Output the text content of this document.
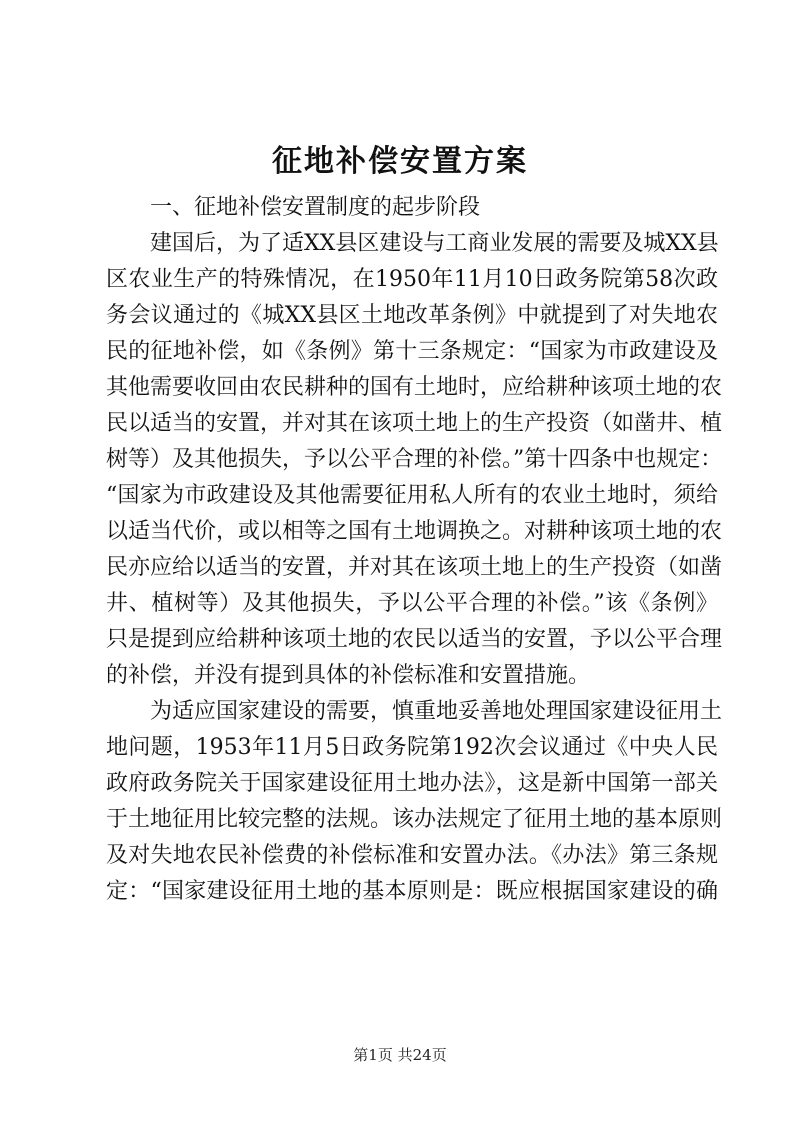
征地补偿安置方案

一、征地补偿安置制度的起步阶段

建国后，为了适XX县区建设与工商业发展的需要及城XX县
区农业生产的特殊情况，在1950年11月10日政务院第58次政
务会议通过的《城XX县区土地改革条例》中就提到了对失地农
民的征地补偿，如《条例》第十三条规定：“国家为市政建设及
其他需要收回由农民耕种的国有土地时，应给耕种该项土地的农
民以适当的安置，并对其在该项土地上的生产投资（如凿井、植
树等）及其他损失，予以公平合理的补偿。”第十四条中也规定：
“国家为市政建设及其他需要征用私人所有的农业土地时，须给
以适当代价，或以相等之国有土地调换之。对耕种该项土地的农
民亦应给以适当的安置，并对其在该项土地上的生产投资（如凿
井、植树等）及其他损失，予以公平合理的补偿。”该《条例》
只是提到应给耕种该项土地的农民以适当的安置，予以公平合理
的补偿，并没有提到具体的补偿标准和安置措施。
为适应国家建设的需要，慎重地妥善地处理国家建设征用土
地问题，1953年11月5日政务院第192次会议通过《中央人民
政府政务院关于国家建设征用土地办法》，这是新中国第一部关
于土地征用比较完整的法规。该办法规定了征用土地的基本原则
及对失地农民补偿费的补偿标准和安置办法。《办法》第三条规
定：“国家建设征用土地的基本原则是：既应根据国家建设的确
第1页 共24页
